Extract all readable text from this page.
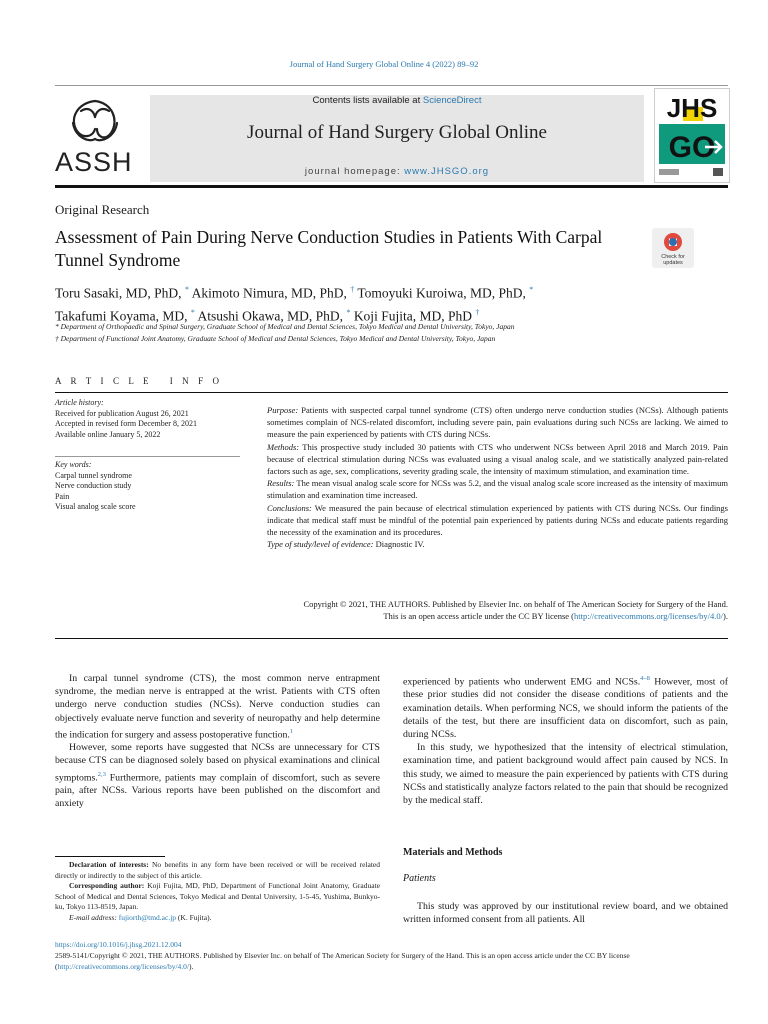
Journal of Hand Surgery Global Online 4 (2022) 89–92
ASSH
Contents lists available at ScienceDirect
Journal of Hand Surgery Global Online
journal homepage: www.JHSGO.org
JHS
GO
Original Research
Assessment of Pain During Nerve Conduction Studies in Patients With Carpal Tunnel Syndrome	Check for updates
Toru Sasaki, MD, PhD, * Akimoto Nimura, MD, PhD, † Tomoyuki Kuroiwa, MD, PhD, *
Takafumi Koyama, MD, * Atsushi Okawa, MD, PhD, * Koji Fujita, MD, PhD †
* Department of Orthopaedic and Spinal Surgery, Graduate School of Medical and Dental Sciences, Tokyo Medical and Dental University, Tokyo, Japan
† Department of Functional Joint Anatomy, Graduate School of Medical and Dental Sciences, Tokyo Medical and Dental University, Tokyo, Japan
A R T I C L E   I N F O
Article history:
Received for publication August 26, 2021
Accepted in revised form December 8, 2021
Available online January 5, 2022
Key words:
Carpal tunnel syndrome
Nerve conduction study
Pain
Visual analog scale score

Purpose: Patients with suspected carpal tunnel syndrome (CTS) often undergo nerve conduction studies (NCSs). Although patients sometimes complain of NCS-related discomfort, including severe pain, pain evaluations during such NCSs are lacking. We aimed to measure the pain experienced by patients with CTS during NCSs.

Methods: This prospective study included 30 patients with CTS who underwent NCSs between April 2018 and March 2019. Pain because of electrical stimulation during NCSs was evaluated using a visual analog scale, and we statistically analyzed pain-related factors such as age, sex, complications, severity grading scale, the intensity of maximum stimulation, and examination time.

Results: The mean visual analog scale score for NCSs was 5.2, and the visual analog scale score increased as the intensity of maximum stimulation and examination time increased.

Conclusions: We measured the pain because of electrical stimulation experienced by patients with CTS during NCSs. Our findings indicate that medical staff must be mindful of the potential pain experienced by patients during NCSs and educate patients regarding the necessity of the examination and its procedures.

Type of study/level of evidence: Diagnostic IV.

Copyright © 2021, THE AUTHORS. Published by Elsevier Inc. on behalf of The American Society for Surgery of the Hand.
This is an open access article under the CC BY license (http://creativecommons.org/licenses/by/4.0/).

In carpal tunnel syndrome (CTS), the most common nerve entrapment syndrome, the median nerve is entrapped at the wrist. Patients with CTS often undergo nerve conduction studies (NCSs). Nerve conduction studies can objectively evaluate nerve function and severity of neuropathy and help determine the indication for surgery and assess postoperative function.$^1$

However, some reports have suggested that NCSs are unnecessary for CTS because CTS can be diagnosed solely based on physical examinations and clinical symptoms.$^{2,3}$ Furthermore, patients may complain of discomfort, such as severe pain, after NCSs. Various reports have been published on the discomfort and anxiety

experienced by patients who underwent EMG and NCSs.$^{4-8}$ However, most of these prior studies did not consider the disease conditions of patients and the examination details. When performing NCS, we should inform the patients of the details of the test, but there are insufficient data on discomfort, such as pain, during NCSs.

In this study, we hypothesized that the intensity of electrical stimulation, examination time, and patient background would affect pain caused by NCS. In this study, we aimed to measure the pain experienced by patients with CTS during NCSs and statistically analyze factors related to the pain that should be recognized by the medical staff.

Materials and Methods
Patients

This study was approved by our institutional review board, and we obtained written informed consent from all patients. All

Declaration of interests: No benefits in any form have been received or will be received related directly or indirectly to the subject of this article.

Corresponding author: Koji Fujita, MD, PhD, Department of Functional Joint Anatomy, Graduate School of Medical and Dental Sciences, Tokyo Medical and Dental University, 1-5-45, Yushima, Bunkyo-ku, Tokyo 113-8519, Japan.

E-mail address: fujiorth@tmd.ac.jp (K. Fujita).

https://doi.org/10.1016/j.jhsg.2021.12.004
2589-5141/Copyright © 2021, THE AUTHORS. Published by Elsevier Inc. on behalf of The American Society for Surgery of the Hand. This is an open access article under the CC BY license (http://creativecommons.org/licenses/by/4.0/).
